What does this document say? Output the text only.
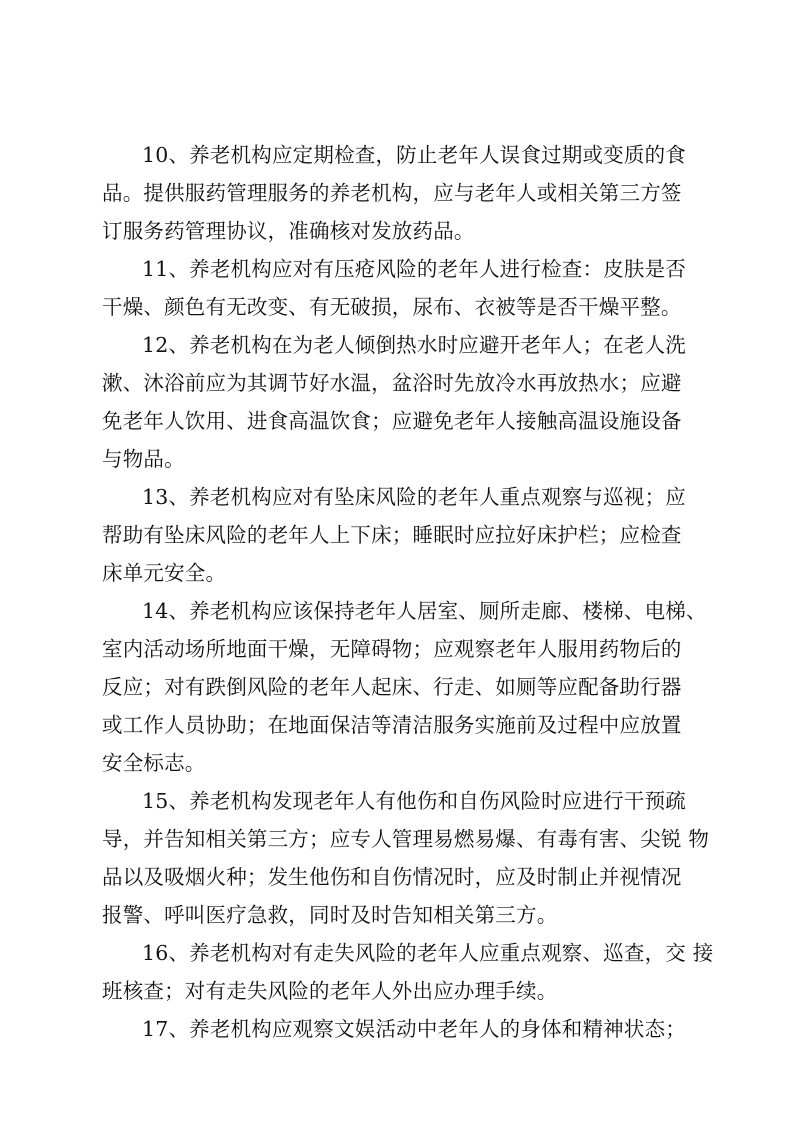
10、养老机构应定期检查，防止老年人误食过期或变质的食
品。提供服药管理服务的养老机构，应与老年人或相关第三方签
订服务药管理协议，准确核对发放药品。
11、养老机构应对有压疮风险的老年人进行检查：皮肤是否
干燥、颜色有无改变、有无破损，尿布、衣被等是否干燥平整。
12、养老机构在为老人倾倒热水时应避开老年人；在老人洗
漱、沐浴前应为其调节好水温，盆浴时先放冷水再放热水；应避
免老年人饮用、进食高温饮食；应避免老年人接触高温设施设备
与物品。
13、养老机构应对有坠床风险的老年人重点观察与巡视；应
帮助有坠床风险的老年人上下床；睡眠时应拉好床护栏；应检查
床单元安全。
14、养老机构应该保持老年人居室、厕所走廊、楼梯、电梯、
室内活动场所地面干燥，无障碍物；应观察老年人服用药物后的
反应；对有跌倒风险的老年人起床、行走、如厕等应配备助行器
或工作人员协助；在地面保洁等清洁服务实施前及过程中应放置
安全标志。
15、养老机构发现老年人有他伤和自伤风险时应进行干预疏
导，并告知相关第三方；应专人管理易燃易爆、有毒有害、尖锐 物
品以及吸烟火种；发生他伤和自伤情况时，应及时制止并视情况
报警、呼叫医疗急救，同时及时告知相关第三方。
16、养老机构对有走失风险的老年人应重点观察、巡查，交 接
班核查；对有走失风险的老年人外出应办理手续。
17、养老机构应观察文娱活动中老年人的身体和精神状态；
